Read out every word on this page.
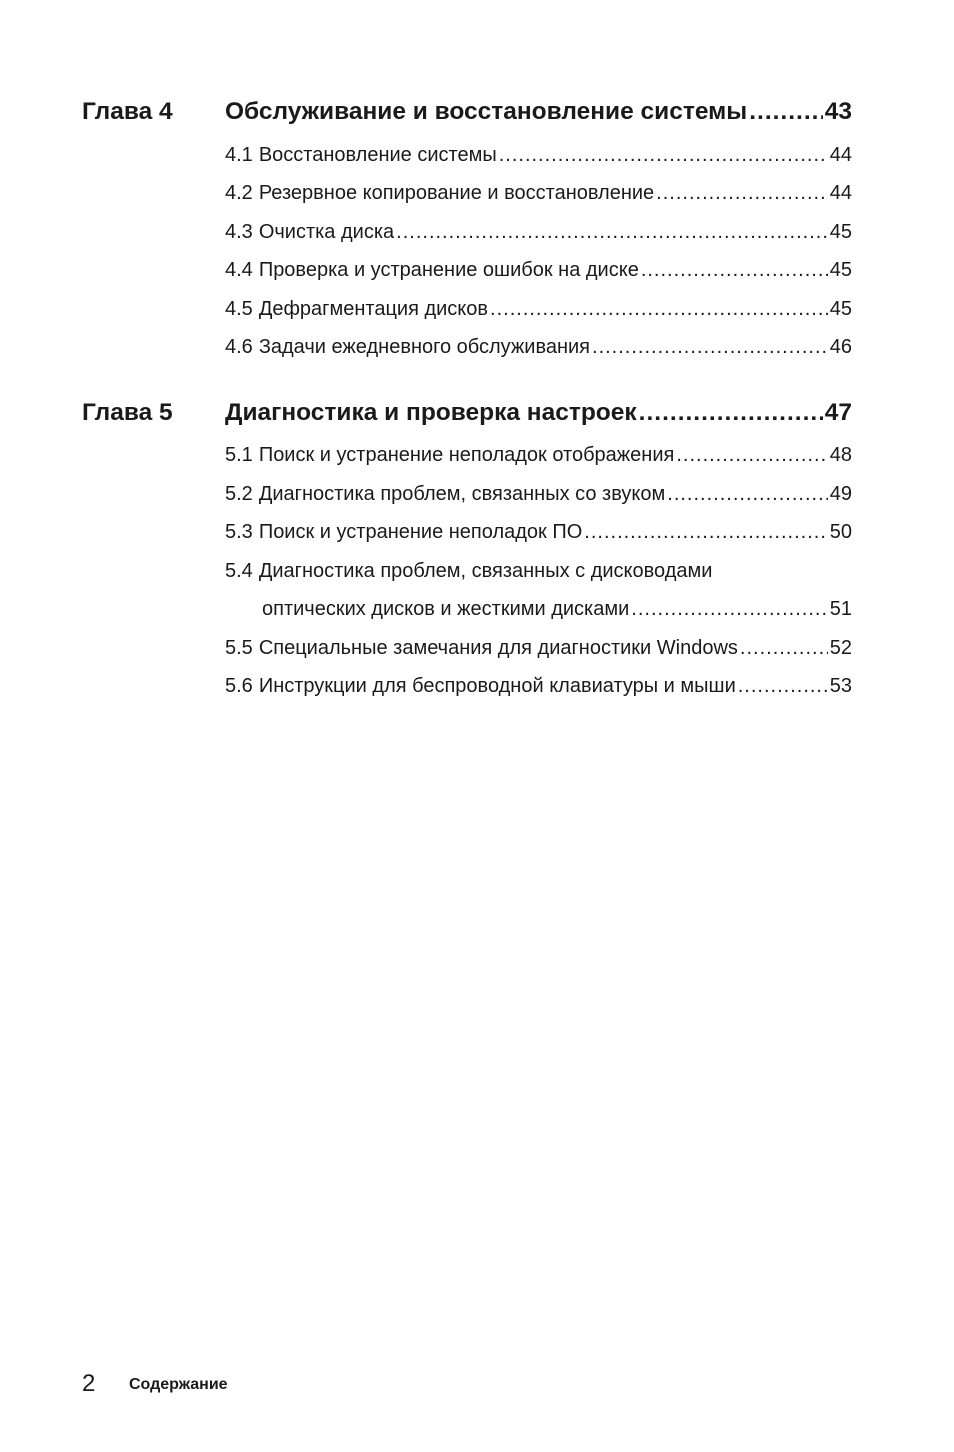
Глава 4	Обслуживание и восстановление системы .....	43
4.1 Восстановление системы .....	44
4.2 Резервное копирование и восстановление .....	44
4.3 Очистка диска .....	45
4.4 Проверка и устранение ошибок на диске .....	45
4.5 Дефрагментация дисков .....	45
4.6 Задачи ежедневного обслуживания .....	46
Глава 5	Диагностика и проверка настроек .....	47
5.1 Поиск и устранение неполадок отображения .....	48
5.2 Диагностика проблем, связанных со звуком .....	49
5.3 Поиск и устранение неполадок ПО .....	50
5.4 Диагностика проблем, связанных с дисководами
оптических дисков и жесткими дисками .....	51
5.5 Специальные замечания для диагностики Windows .....	52
5.6 Инструкции для беспроводной клавиатуры и мыши .....	53
2 Содержание
